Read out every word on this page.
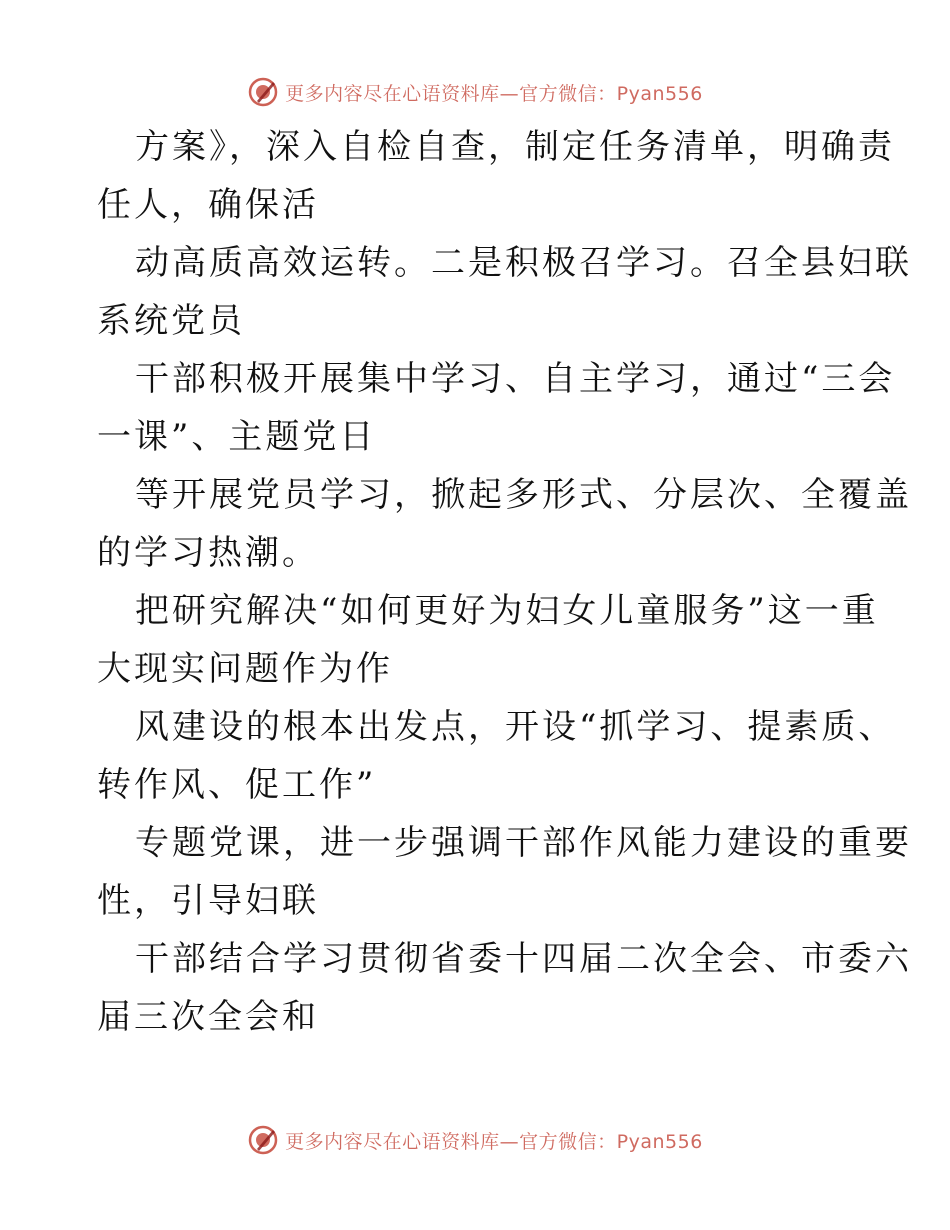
更多内容尽在心语资料库—官方微信：Pyan556
方案》，深入自检自查，制定任务清单，明确责
任人，确保活
动高质高效运转。二是积极召学习。召全县妇联
系统党员
干部积极开展集中学习、自主学习，通过“三会
一课”、主题党日
等开展党员学习，掀起多形式、分层次、全覆盖
的学习热潮。
把研究解决“如何更好为妇女儿童服务”这一重
大现实问题作为作
风建设的根本出发点，开设“抓学习、提素质、
转作风、促工作”
专题党课，进一步强调干部作风能力建设的重要
性，引导妇联
干部结合学习贯彻省委十四届二次全会、市委六
届三次全会和
更多内容尽在心语资料库—官方微信：Pyan556
